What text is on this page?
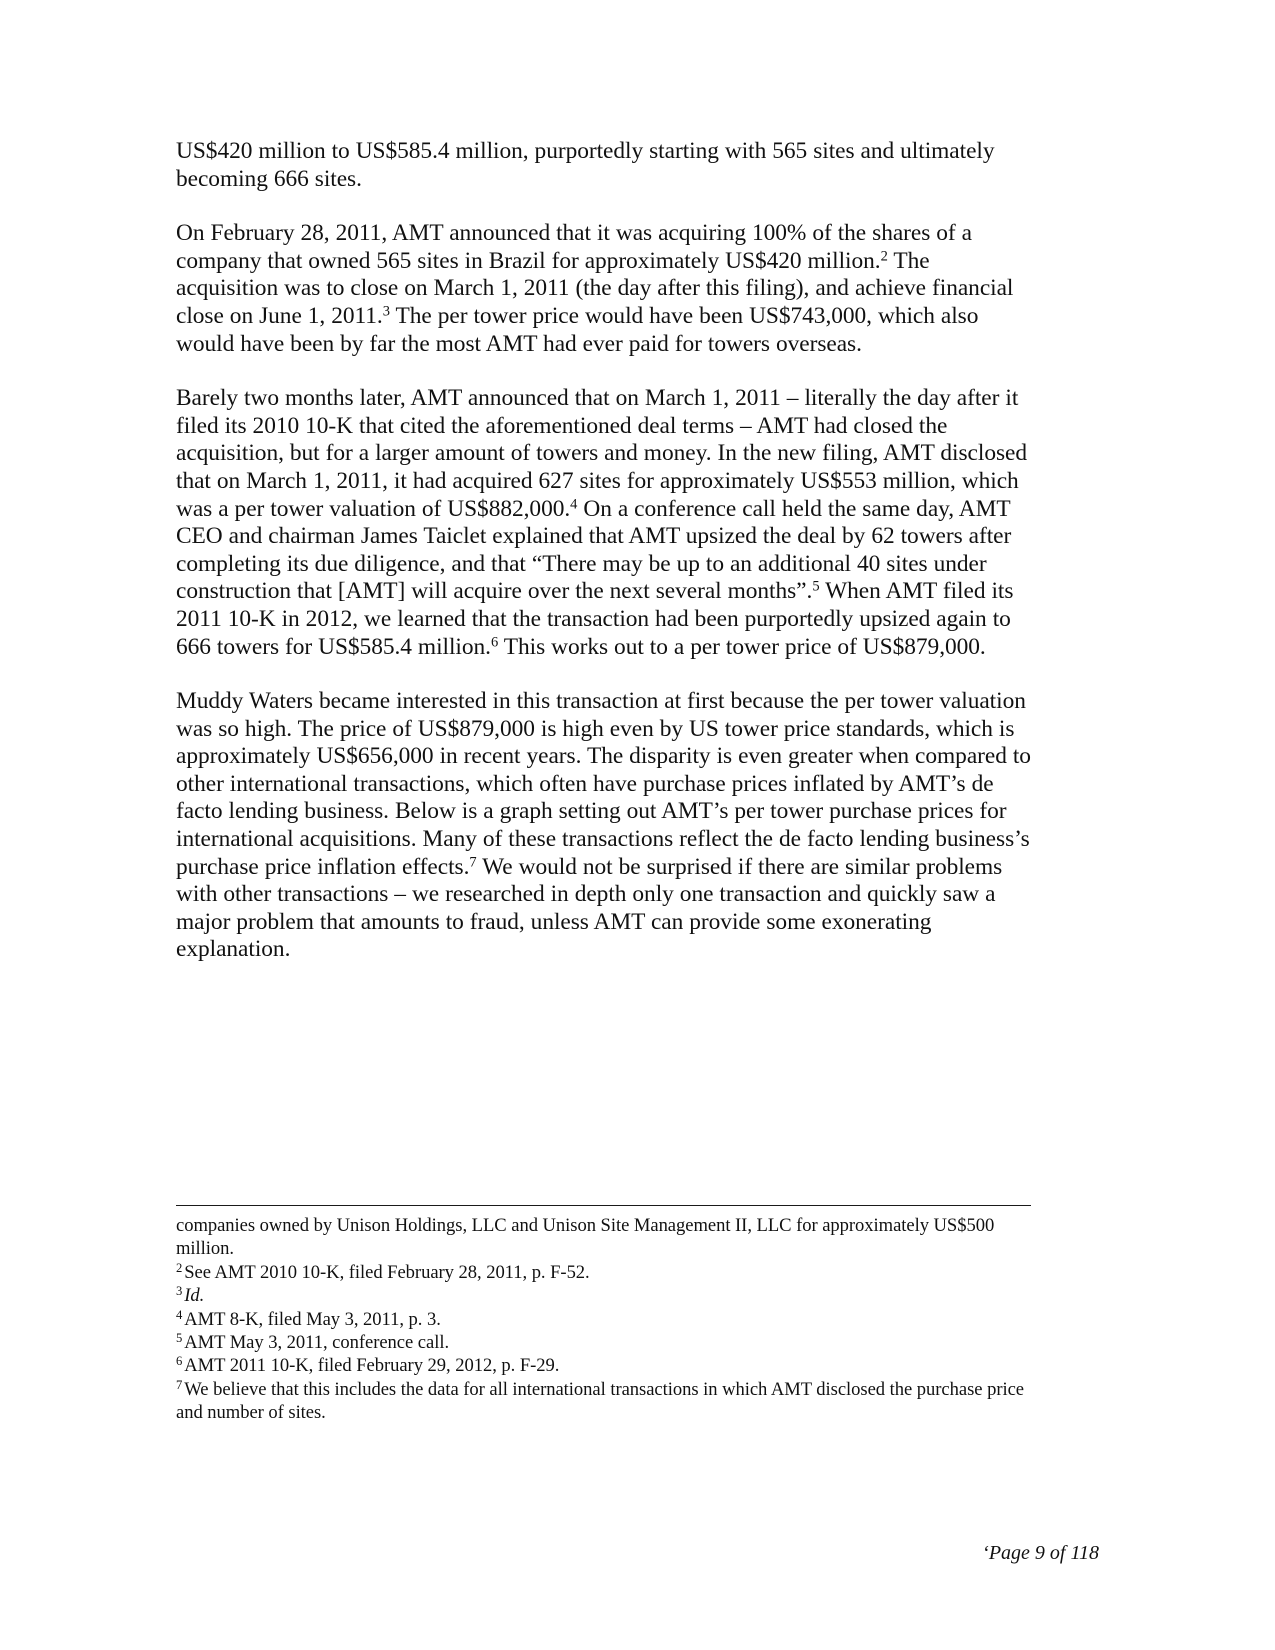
US$420 million to US$585.4 million, purportedly starting with 565 sites and ultimately becoming 666 sites.

On February 28, 2011, AMT announced that it was acquiring 100% of the shares of a company that owned 565 sites in Brazil for approximately US$420 million.$^2$ The acquisition was to close on March 1, 2011 (the day after this filing), and achieve financial close on June 1, 2011.$^3$ The per tower price would have been US$743,000, which also would have been by far the most AMT had ever paid for towers overseas.

Barely two months later, AMT announced that on March 1, 2011 – literally the day after it filed its 2010 10-K that cited the aforementioned deal terms – AMT had closed the acquisition, but for a larger amount of towers and money. In the new filing, AMT disclosed that on March 1, 2011, it had acquired 627 sites for approximately US$553 million, which was a per tower valuation of US$882,000.$^4$ On a conference call held the same day, AMT CEO and chairman James Taiclet explained that AMT upsized the deal by 62 towers after completing its due diligence, and that “There may be up to an additional 40 sites under construction that [AMT] will acquire over the next several months”.$^5$ When AMT filed its 2011 10-K in 2012, we learned that the transaction had been purportedly upsized again to 666 towers for US$585.4 million.$^6$ This works out to a per tower price of US$879,000.

Muddy Waters became interested in this transaction at first because the per tower valuation was so high. The price of US$879,000 is high even by US tower price standards, which is approximately US$656,000 in recent years. The disparity is even greater when compared to other international transactions, which often have purchase prices inflated by AMT’s de facto lending business. Below is a graph setting out AMT’s per tower purchase prices for international acquisitions. Many of these transactions reflect the de facto lending business’s purchase price inflation effects.$^7$ We would not be surprised if there are similar problems with other transactions – we researched in depth only one transaction and quickly saw a major problem that amounts to fraud, unless AMT can provide some exonerating explanation.

companies owned by Unison Holdings, LLC and Unison Site Management II, LLC for approximately US$500 million.

$^2$ See AMT 2010 10-K, filed February 28, 2011, p. F-52.

$^3$ Id.

$^4$ AMT 8-K, filed May 3, 2011, p. 3.

$^5$ AMT May 3, 2011, conference call.

$^6$ AMT 2011 10-K, filed February 29, 2012, p. F-29.

$^7$ We believe that this includes the data for all international transactions in which AMT disclosed the purchase price and number of sites.

‘Page 9 of 118
